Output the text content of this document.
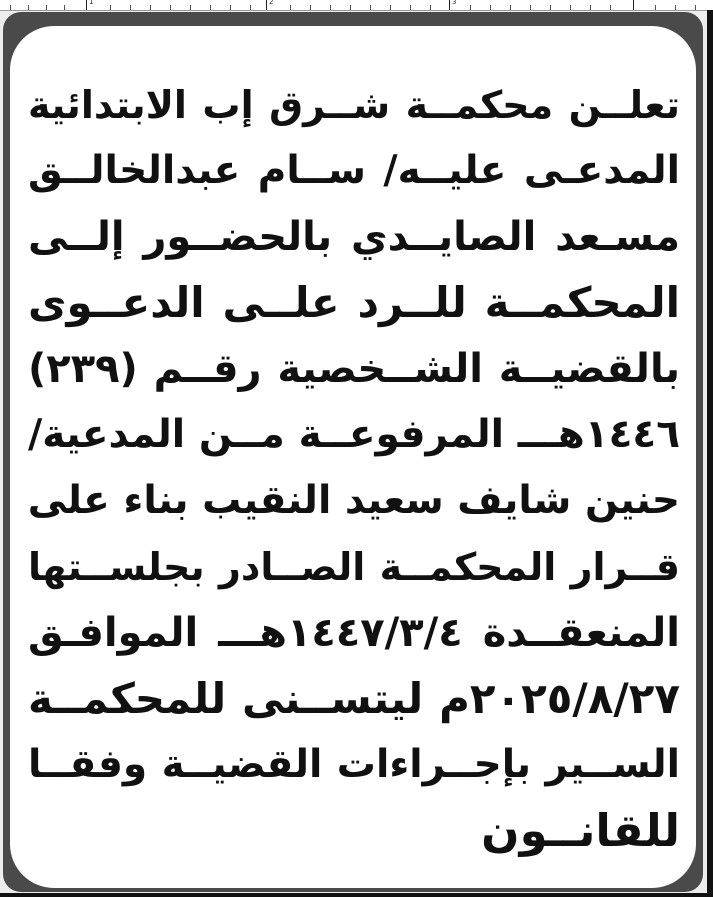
1	2	3
تعلــن محكمــة شــرق إب الابتدائية
المدعـى عليــه/ ســام عبدالخالــق
مسـعد الصايــدي بالحضــور إلــى
المحكمــة للــرد علــى الدعــوى
بالقضيــة الشــخصية رقــم (٢٣٩)
١٤٤٦هـــ المرفوعــة مــن المدعية/
حنين شايف سعيد النقيب بناء على
قــرار المحكمــة الصــادر بجلســتها
المنعقــدة ١٤٤٧/٣/٤هـــ الموافـق
٢٠٢٥/٨/٢٧م ليتســنى للمحكمــة
الســير بإجــراءات القضيــة وفقــا
للقانــون
